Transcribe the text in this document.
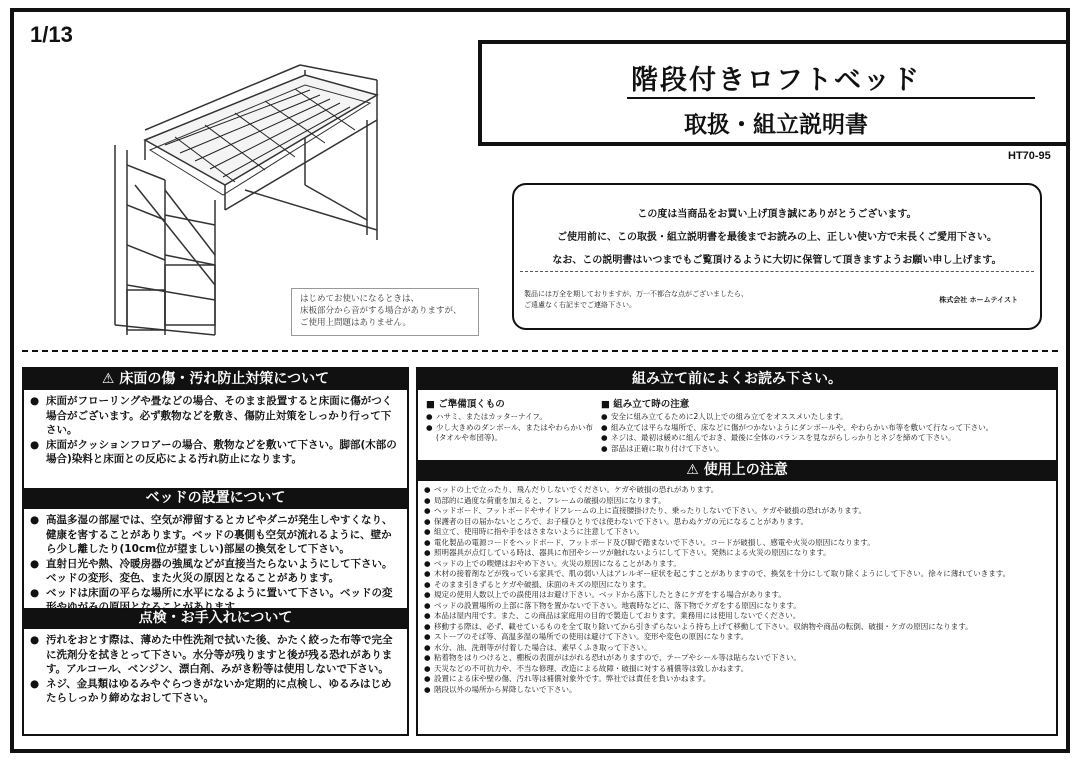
1/13
はじめてお使いになるときは、
床板部分から音がする場合がありますが、
ご使用上問題はありません。
階段付きロフトベッド
取扱・組立説明書
HT70-95

この度は当商品をお買い上げ頂き誠にありがとうございます。

ご使用前に、この取扱・組立説明書を最後までお読みの上、正しい使い方で末長くご愛用下さい。

なお、この説明書はいつまでもご覧頂けるように大切に保管して頂きますようお願い申し上げます。

製品には万全を期しておりますが、万一不都合な点がございましたら、
ご遠慮なく右記までご連絡下さい。
株式会社 ホームテイスト
⚠ 床面の傷・汚れ防止対策について
● 床面がフローリングや畳などの場合、そのまま設置すると床面に傷がつく場合がございます。必ず敷物などを敷き、傷防止対策をしっかり行って下さい。
● 床面がクッションフロアーの場合、敷物などを敷いて下さい。脚部(木部の場合)染料と床面との反応による汚れ防止になります。
ベッドの設置について
● 高温多湿の部屋では、空気が滞留するとカビやダニが発生しやすくなり、健康を害することがあります。ベッドの裏側も空気が流れるように、壁から少し離したり(10cm位が望ましい)部屋の換気をして下さい。
● 直射日光や熱、冷暖房器の強風などが直接当たらないようにして下さい。ベッドの変形、変色、また火災の原因となることがあります。
● ベッドは床面の平らな場所に水平になるように置いて下さい。ベッドの変形やゆがみの原因となることがあります
点検・お手入れについて
● 汚れをおとす際は、薄めた中性洗剤で拭いた後、かたく絞った布等で完全に洗剤分を拭きとって下さい。水分等が残りますと後が残る恐れがあります。アルコール、ベンジン、漂白剤、みがき粉等は使用しないで下さい。
● ネジ、金具類はゆるみやぐらつきがないか定期的に点検し、ゆるみはじめたらしっかり締めなおして下さい。
組み立て前によくお読み下さい。
■ ご準備頂くもの
● ハサミ、またはカッターナイフ。
● 少し大きめのダンボール、またはやわらかい布(タオルや布団等)。
■ 組み立て時の注意
● 安全に組み立てるために2人以上での組み立てをオススメいたします。
● 組み立ては平らな場所で、床などに傷がつかないようにダンボールや、やわらかい布等を敷いて行なって下さい。
● ネジは、最初は緩めに組んでおき、最後に全体のバランスを見ながらしっかりとネジを締めて下さい。
● 部品は正確に取り付けて下さい。
⚠ 使用上の注意
● ベッドの上で立ったり、飛んだりしないでください。ケガや破損の恐れがあります。
● 局部的に過度な荷重を加えると、フレームの破損の原因になります。
● ヘッドボード、フットボードやサイドフレームの上に直接腰掛けたり、乗ったりしないで下さい。ケガや破損の恐れがあります。
● 保護者の目の届かないところで、お子様ひとりでは使わないで下さい。思わぬケガの元になることがあります。
● 組立て、使用時に指や手をはさまないように注意して下さい。
● 電化製品の電源コードをヘッドボード、フットボード及び脚で踏まないで下さい。コードが破損し、感電や火災の原因になります。
● 照明器具が点灯している時は、器具に布団やシーツが触れないようにして下さい。発熱による火災の原因になります。
● ベッドの上での喫煙はおやめ下さい。火災の原因になることがあります。
● 木材の接着剤などが残っている家具で、肌の弱い人はアレルギー症状を起こすことがありますので、換気を十分にして取り除くようにして下さい。徐々に薄れていきます。
● そのまま引きずるとケガや破損、床面のキズの原因になります。
● 規定の使用人数以上での誤使用はお避け下さい。ベッドから落下したときにケガをする場合があります。
● ベッドの設置場所の上部に落下物を置かないで下さい。地震時などに、落下物でケガをする原因になります。
● 本品は屋内用です。また、この商品は家庭用の目的で製造しております。業務用には使用しないでください。
● 移動する際は、必ず、載せているものを全て取り除いてから引きずらないよう持ち上げて移動して下さい。収納物や商品の転倒、破損・ケガの原因になります。
● ストーブのそば等、高温多湿の場所での使用は避けて下さい。変形や変色の原因になります。
● 水分、油、洗剤等が付着した場合は、素早くふき取って下さい。
● 粘着物をはりつけると、棚板の表面がはがれる恐れがありますので、テープやシール等は貼らないで下さい。
● 天災などの不可抗力や、不当な修理、改造による故障・破損に対する補償等は致しかねます。
● 設置による床や壁の傷、汚れ等は補償対象外です。弊社では責任を負いかねます。
● 階段以外の場所から昇降しないで下さい。
